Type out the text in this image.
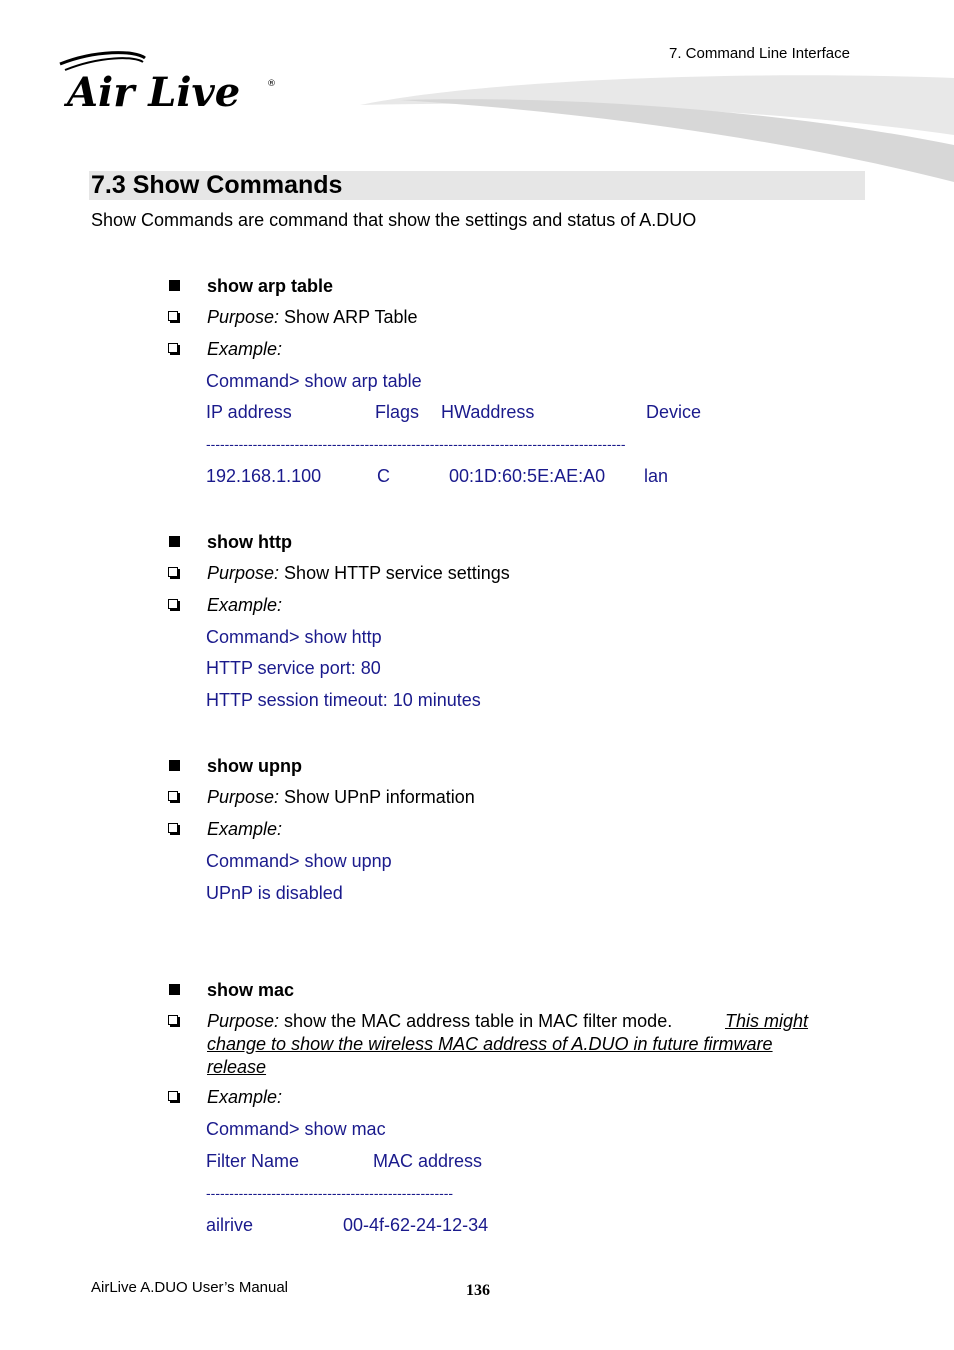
Air Live	®
7. Command Line Interface
7.3 Show Commands
Show Commands are command that show the settings and status of A.DUO
show arp table
Purpose: Show ARP Table
Example:
Command> show arp table
IP address	Flags HWaddress	Device
------------------------------------------------------------------------------------------
192.168.1.100	C	00:1D:60:5E:AE:A0 lan
show http
Purpose: Show HTTP service settings
Example:
Command> show http
HTTP service port: 80
HTTP session timeout: 10 minutes
show upnp
Purpose: Show UPnP information
Example:
Command> show upnp
UPnP is disabled
show mac
Purpose: show the MAC address table in MAC filter mode.	This might
change to show the wireless MAC address of A.DUO in future firmware
release
Example:
Command> show mac
Filter Name	MAC address
-----------------------------------------------------
ailrive	00-4f-62-24-12-34
AirLive A.DUO User’s Manual	136
